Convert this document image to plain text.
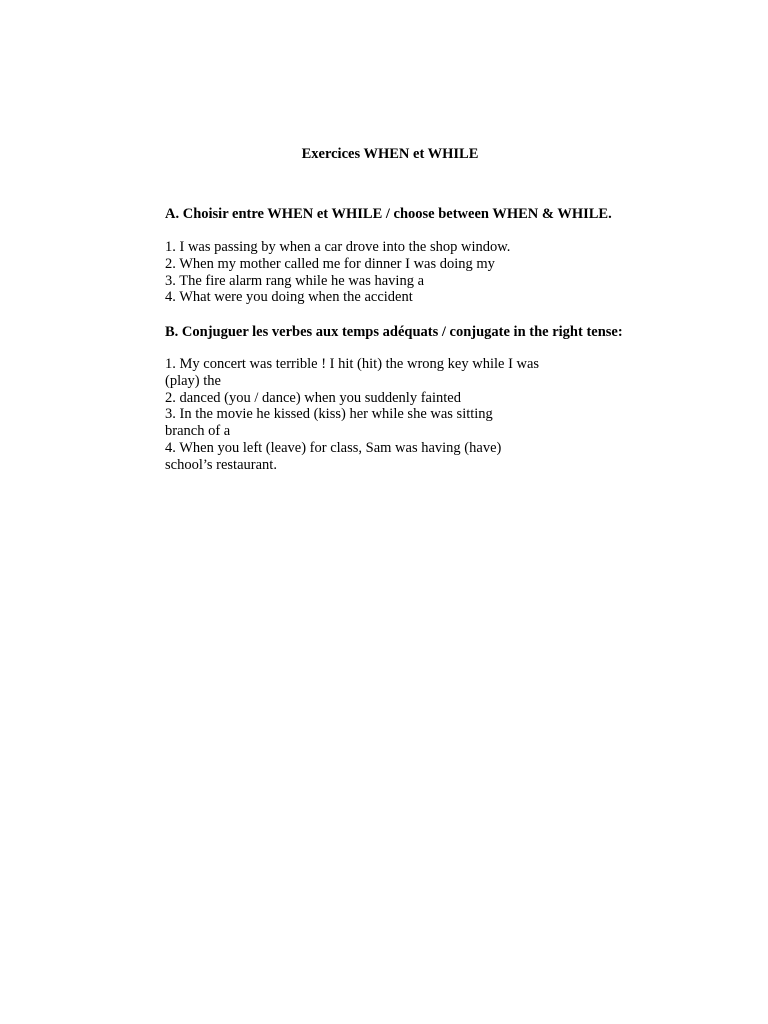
Exercices WHEN et WHILE
A. Choisir entre WHEN et WHILE / choose between WHEN & WHILE.
1. I was passing by when a car drove into the shop window.
2. When my mother called me for dinner I was doing my
3. The fire alarm rang while he was having a
4. What were you doing when the accident
B. Conjuguer les verbes aux temps adéquats / conjugate in the right tense:
1. My concert was terrible ! I hit (hit) the wrong key while I was
(play) the
2. danced (you / dance) when you suddenly fainted
3. In the movie he kissed (kiss) her while she was sitting
branch of a
4. When you left (leave) for class, Sam was having (have)
school’s restaurant.
